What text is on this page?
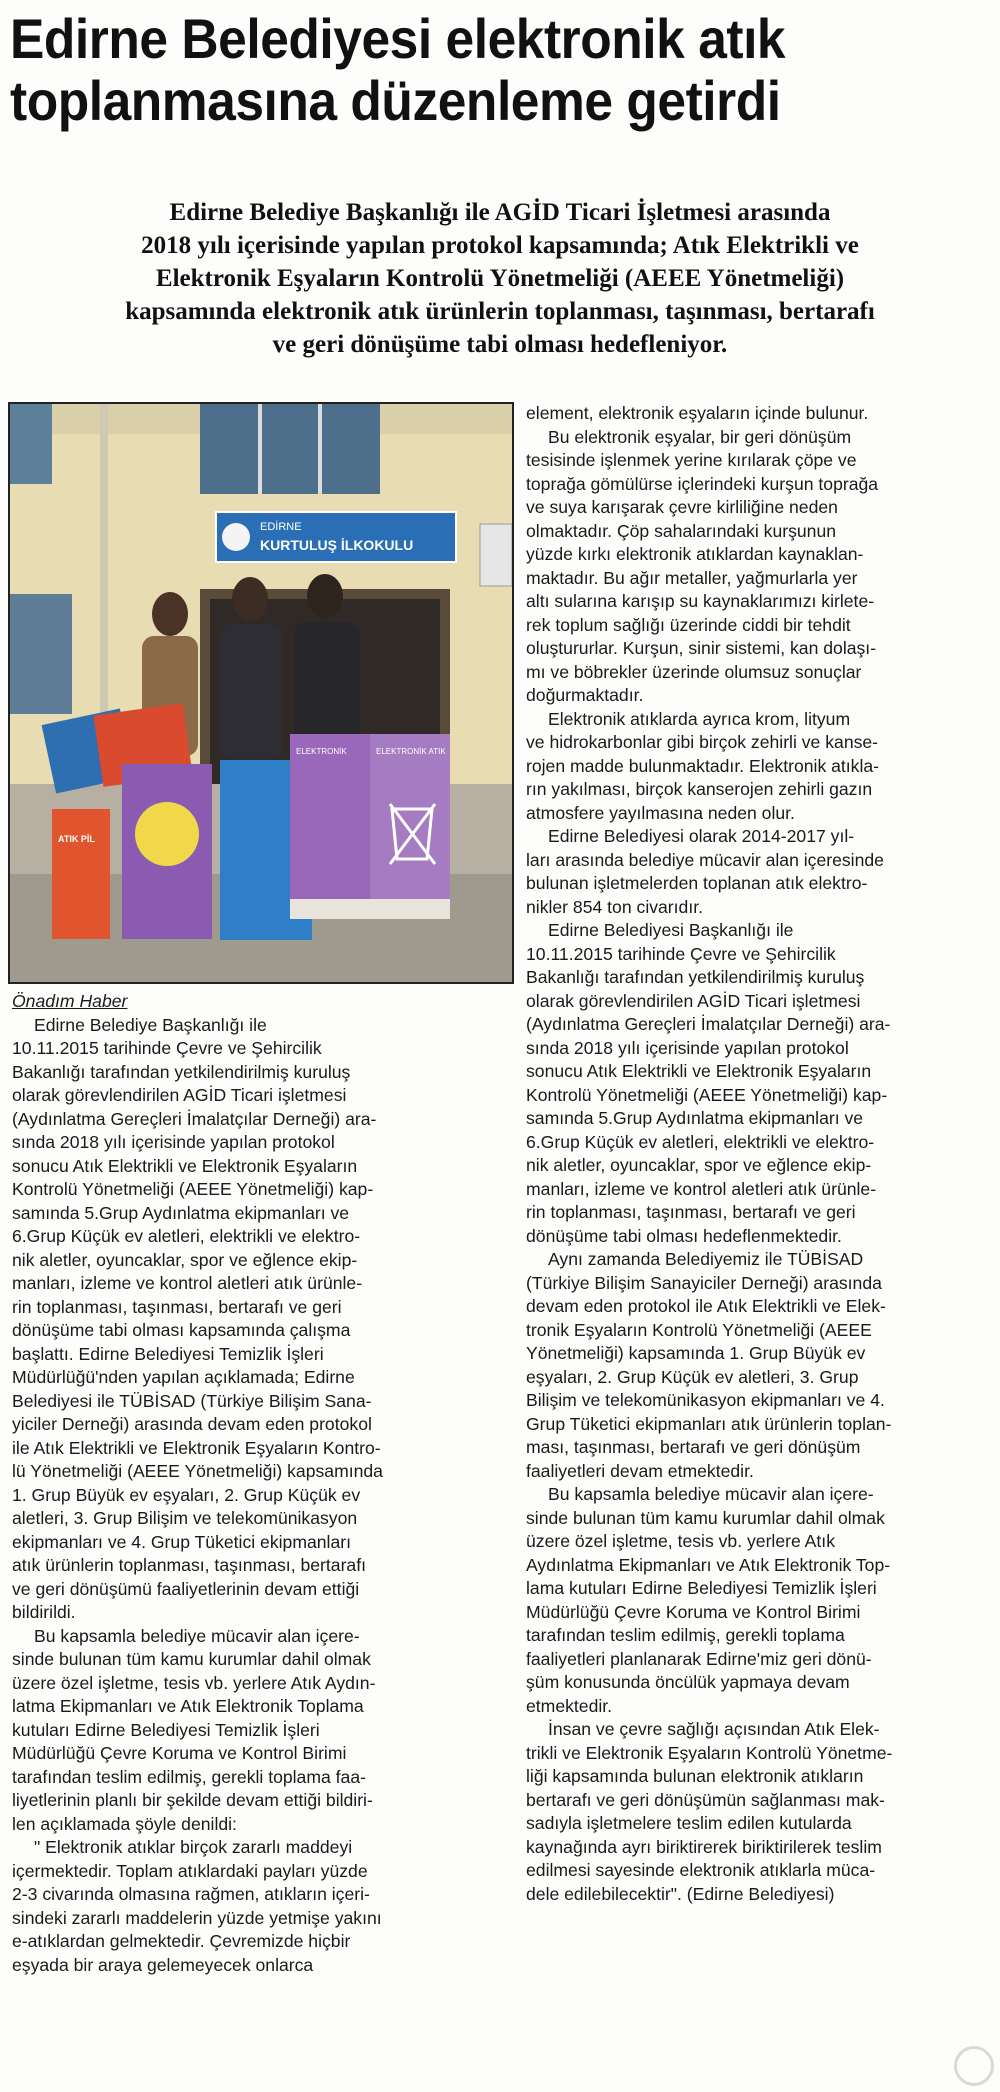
Edirne Belediyesi elektronik atık
toplanmasına düzenleme getirdi
Edirne Belediye Başkanlığı ile AGİD Ticari İşletmesi arasında
2018 yılı içerisinde yapılan protokol kapsamında; Atık Elektrikli ve
Elektronik Eşyaların Kontrolü Yönetmeliği (AEEE Yönetmeliği)
kapsamında elektronik atık ürünlerin toplanması, taşınması, bertarafı
ve geri dönüşüme tabi olması hedefleniyor.
EDİRNE
KURTULUŞ İLKOKULU
ATIK PİL
ELEKTRONİK	ELEKTRONİK ATIK

Önadım Haber

Edirne Belediye Başkanlığı ile

10.11.2015 tarihinde Çevre ve Şehircilik

Bakanlığı tarafından yetkilendirilmiş kuruluş

olarak görevlendirilen AGİD Ticari işletmesi

(Aydınlatma Gereçleri İmalatçılar Derneği) ara-

sında 2018 yılı içerisinde yapılan protokol

sonucu Atık Elektrikli ve Elektronik Eşyaların

Kontrolü Yönetmeliği (AEEE Yönetmeliği) kap-

samında 5.Grup Aydınlatma ekipmanları ve

6.Grup Küçük ev aletleri, elektrikli ve elektro-

nik aletler, oyuncaklar, spor ve eğlence ekip-

manları, izleme ve kontrol aletleri atık ürünle-

rin toplanması, taşınması, bertarafı ve geri

dönüşüme tabi olması kapsamında çalışma

başlattı. Edirne Belediyesi Temizlik İşleri

Müdürlüğü'nden yapılan açıklamada; Edirne

Belediyesi ile TÜBİSAD (Türkiye Bilişim Sana-

yiciler Derneği) arasında devam eden protokol

ile Atık Elektrikli ve Elektronik Eşyaların Kontro-

lü Yönetmeliği (AEEE Yönetmeliği) kapsamında

1. Grup Büyük ev eşyaları, 2. Grup Küçük ev

aletleri, 3. Grup Bilişim ve telekomünikasyon

ekipmanları ve 4. Grup Tüketici ekipmanları

atık ürünlerin toplanması, taşınması, bertarafı

ve geri dönüşümü faaliyetlerinin devam ettiği

bildirildi.

Bu kapsamla belediye mücavir alan içere-

sinde bulunan tüm kamu kurumlar dahil olmak

üzere özel işletme, tesis vb. yerlere Atık Aydın-

latma Ekipmanları ve Atık Elektronik Toplama

kutuları Edirne Belediyesi Temizlik İşleri

Müdürlüğü Çevre Koruma ve Kontrol Birimi

tarafından teslim edilmiş, gerekli toplama faa-

liyetlerinin planlı bir şekilde devam ettiği bildiri-

len açıklamada şöyle denildi:

" Elektronik atıklar birçok zararlı maddeyi

içermektedir. Toplam atıklardaki payları yüzde

2-3 civarında olmasına rağmen, atıkların içeri-

sindeki zararlı maddelerin yüzde yetmişe yakını

e-atıklardan gelmektedir. Çevremizde hiçbir

eşyada bir araya gelemeyecek onlarca

element, elektronik eşyaların içinde bulunur.

Bu elektronik eşyalar, bir geri dönüşüm

tesisinde işlenmek yerine kırılarak çöpe ve

toprağa gömülürse içlerindeki kurşun toprağa

ve suya karışarak çevre kirliliğine neden

olmaktadır. Çöp sahalarındaki kurşunun

yüzde kırkı elektronik atıklardan kaynaklan-

maktadır. Bu ağır metaller, yağmurlarla yer

altı sularına karışıp su kaynaklarımızı kirlete-

rek toplum sağlığı üzerinde ciddi bir tehdit

oluştururlar. Kurşun, sinir sistemi, kan dolaşı-

mı ve böbrekler üzerinde olumsuz sonuçlar

doğurmaktadır.

Elektronik atıklarda ayrıca krom, lityum

ve hidrokarbonlar gibi birçok zehirli ve kanse-

rojen madde bulunmaktadır. Elektronik atıkla-

rın yakılması, birçok kanserojen zehirli gazın

atmosfere yayılmasına neden olur.

Edirne Belediyesi olarak 2014-2017 yıl-

ları arasında belediye mücavir alan içeresinde

bulunan işletmelerden toplanan atık elektro-

nikler 854 ton civarıdır.

Edirne Belediyesi Başkanlığı ile

10.11.2015 tarihinde Çevre ve Şehircilik

Bakanlığı tarafından yetkilendirilmiş kuruluş

olarak görevlendirilen AGİD Ticari işletmesi

(Aydınlatma Gereçleri İmalatçılar Derneği) ara-

sında 2018 yılı içerisinde yapılan protokol

sonucu Atık Elektrikli ve Elektronik Eşyaların

Kontrolü Yönetmeliği (AEEE Yönetmeliği) kap-

samında 5.Grup Aydınlatma ekipmanları ve

6.Grup Küçük ev aletleri, elektrikli ve elektro-

nik aletler, oyuncaklar, spor ve eğlence ekip-

manları, izleme ve kontrol aletleri atık ürünle-

rin toplanması, taşınması, bertarafı ve geri

dönüşüme tabi olması hedeflenmektedir.

Aynı zamanda Belediyemiz ile TÜBİSAD

(Türkiye Bilişim Sanayiciler Derneği) arasında

devam eden protokol ile Atık Elektrikli ve Elek-

tronik Eşyaların Kontrolü Yönetmeliği (AEEE

Yönetmeliği) kapsamında 1. Grup Büyük ev

eşyaları, 2. Grup Küçük ev aletleri, 3. Grup

Bilişim ve telekomünikasyon ekipmanları ve 4.

Grup Tüketici ekipmanları atık ürünlerin toplan-

ması, taşınması, bertarafı ve geri dönüşüm

faaliyetleri devam etmektedir.

Bu kapsamla belediye mücavir alan içere-

sinde bulunan tüm kamu kurumlar dahil olmak

üzere özel işletme, tesis vb. yerlere Atık

Aydınlatma Ekipmanları ve Atık Elektronik Top-

lama kutuları Edirne Belediyesi Temizlik İşleri

Müdürlüğü Çevre Koruma ve Kontrol Birimi

tarafından teslim edilmiş, gerekli toplama

faaliyetleri planlanarak Edirne'miz geri dönü-

şüm konusunda öncülük yapmaya devam

etmektedir.

İnsan ve çevre sağlığı açısından Atık Elek-

trikli ve Elektronik Eşyaların Kontrolü Yönetme-

liği kapsamında bulunan elektronik atıkların

bertarafı ve geri dönüşümün sağlanması mak-

sadıyla işletmelere teslim edilen kutularda

kaynağında ayrı biriktirerek biriktirilerek teslim

edilmesi sayesinde elektronik atıklarla müca-

dele edilebilecektir". (Edirne Belediyesi)
